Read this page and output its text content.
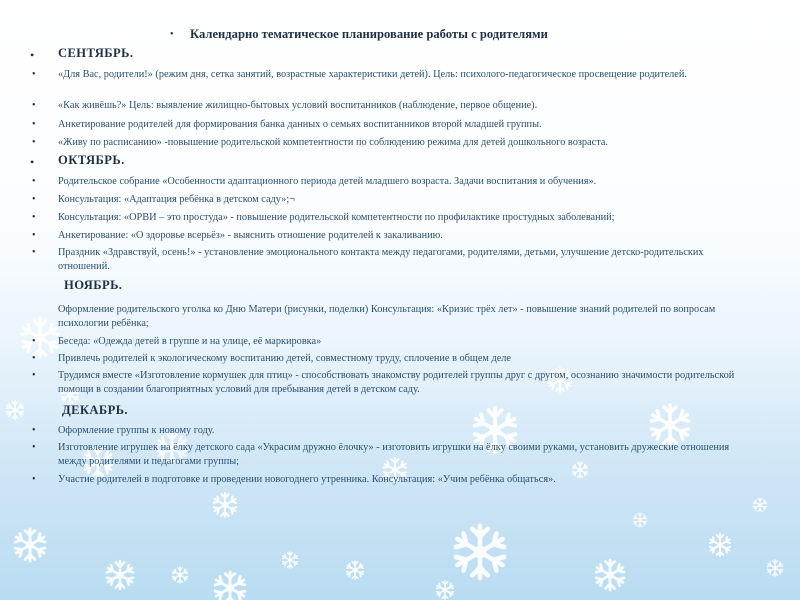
• Календарно тематическое планирование работы с родителями
• СЕНТЯБРЬ.
• «Для Вас, родители!» (режим дня, сетка занятий, возрастные характеристики детей). Цель: психолого-педагогическое просвещение родителей.
• «Как живёшь?» Цель: выявление жилищно-бытовых условий воспитанников (наблюдение, первое общение).
• Анкетирование родителей для формирования банка данных о семьях воспитанников второй младшей группы.
• «Живу по расписанию» -повышение родительской компетентности по соблюдению режима для детей дошкольного возраста.
• ОКТЯБРЬ.
• Родительское собрание «Особенности адаптационного периода детей младшего возраста. Задачи воспитания и обучения».
• Консультация: «Адаптация ребёнка в детском саду»;¬
• Консультация: «ОРВИ – это простуда» - повышение родительской компетентности по профилактике простудных заболеваний;
• Анкетирование: «О здоровье всерьёз» - выяснить отношение родителей к закаливанию.
• Праздник «Здравствуй, осень!» - установление эмоционального контакта между педагогами, родителями, детьми, улучшение детско-родительских отношений.
НОЯБРЬ.
Оформление родительского уголка ко Дню Матери (рисунки, поделки) Консультация: «Кризис трёх лет» - повышение знаний родителей по вопросам психологии ребёнка;
• Беседа: «Одежда детей в группе и на улице, её маркировка»
• Привлечь родителей к экологическому воспитанию детей, совместному труду, сплочение в общем деле
• Трудимся вместе «Изготовление кормушек для птиц» - способствовать знакомству родителей группы друг с другом, осознанию значимости родительской помощи в создании благоприятных условий для пребывания детей в детском саду.
ДЕКАБРЬ.
• Оформление группы к новому году.
• Изготовление игрушек на ёлку детского сада «Украсим дружно ёлочку» - изготовить игрушки на ёлку своими руками, установить дружеские отношения между родителями и педагогами группы;
• Участие родителей в подготовке и проведении новогоднего утренника. Консультация: «Учим ребёнка общаться».
